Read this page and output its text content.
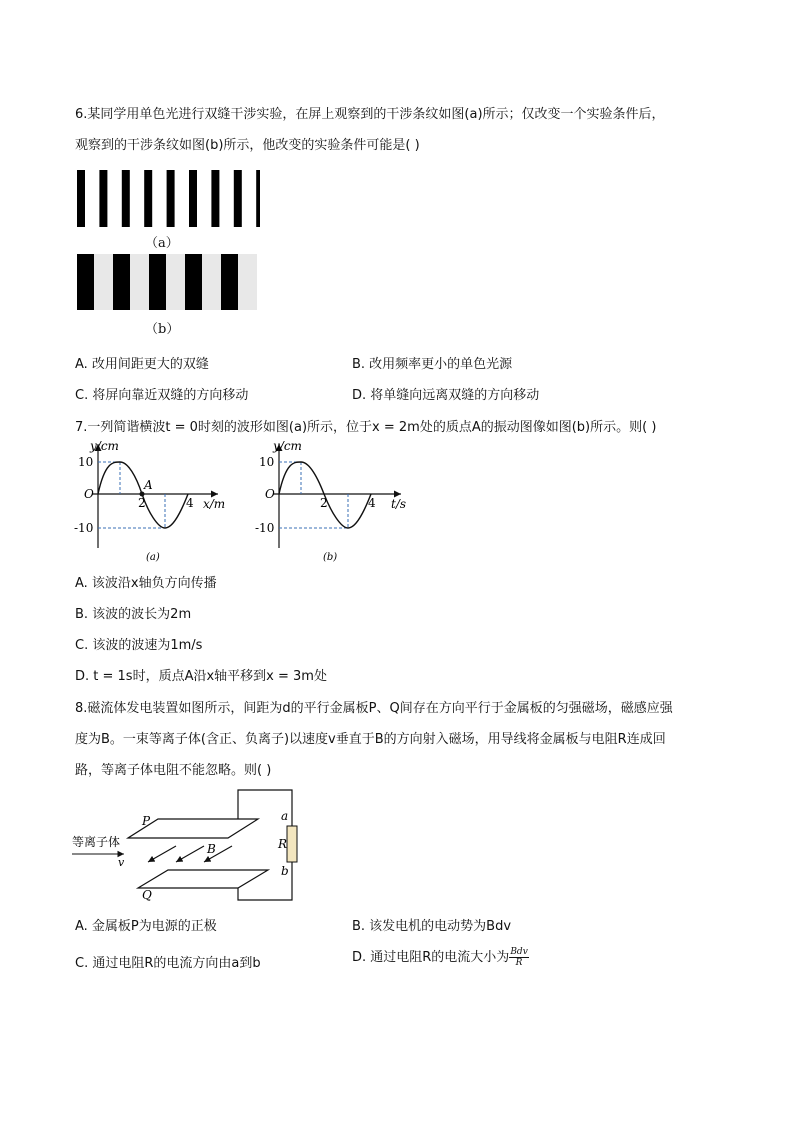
6.某同学用单色光进行双缝干涉实验，在屏上观察到的干涉条纹如图(a)所示；仅改变一个实验条件后，
观察到的干涉条纹如图(b)所示，他改变的实验条件可能是( )
（a）
（b）
A. 改用间距更大的双缝	B. 改用频率更小的单色光源
C. 将屏向靠近双缝的方向移动	D. 将单缝向远离双缝的方向移动
7.一列简谐横波t = 0时刻的波形如图(a)所示，位于x = 2m处的质点A的振动图像如图(b)所示。则( )
y/cm
x/m
O
10
-10
2	4
A
(a)
y/cm
t/s
O
10
-10
2	4
(b)
A. 该波沿x轴负方向传播
B. 该波的波长为2m
C. 该波的波速为1m/s
D. t = 1s时，质点A沿x轴平移到x = 3m处
8.磁流体发电装置如图所示，间距为d的平行金属板P、Q间存在方向平行于金属板的匀强磁场，磁感应强
度为B。一束等离子体(含正、负离子)以速度v垂直于B的方向射入磁场，用导线将金属板与电阻R连成回
路，等离子体电阻不能忽略。则( )
等离子体
v
P
Q
B	R
a
b
A. 金属板P为电源的正极	B. 该发电机的电动势为Bdv
C. 通过电阻R的电流方向由a到b	D. 通过电阻R的电流大小为 $\frac{\text{Bdv}}{R}$
